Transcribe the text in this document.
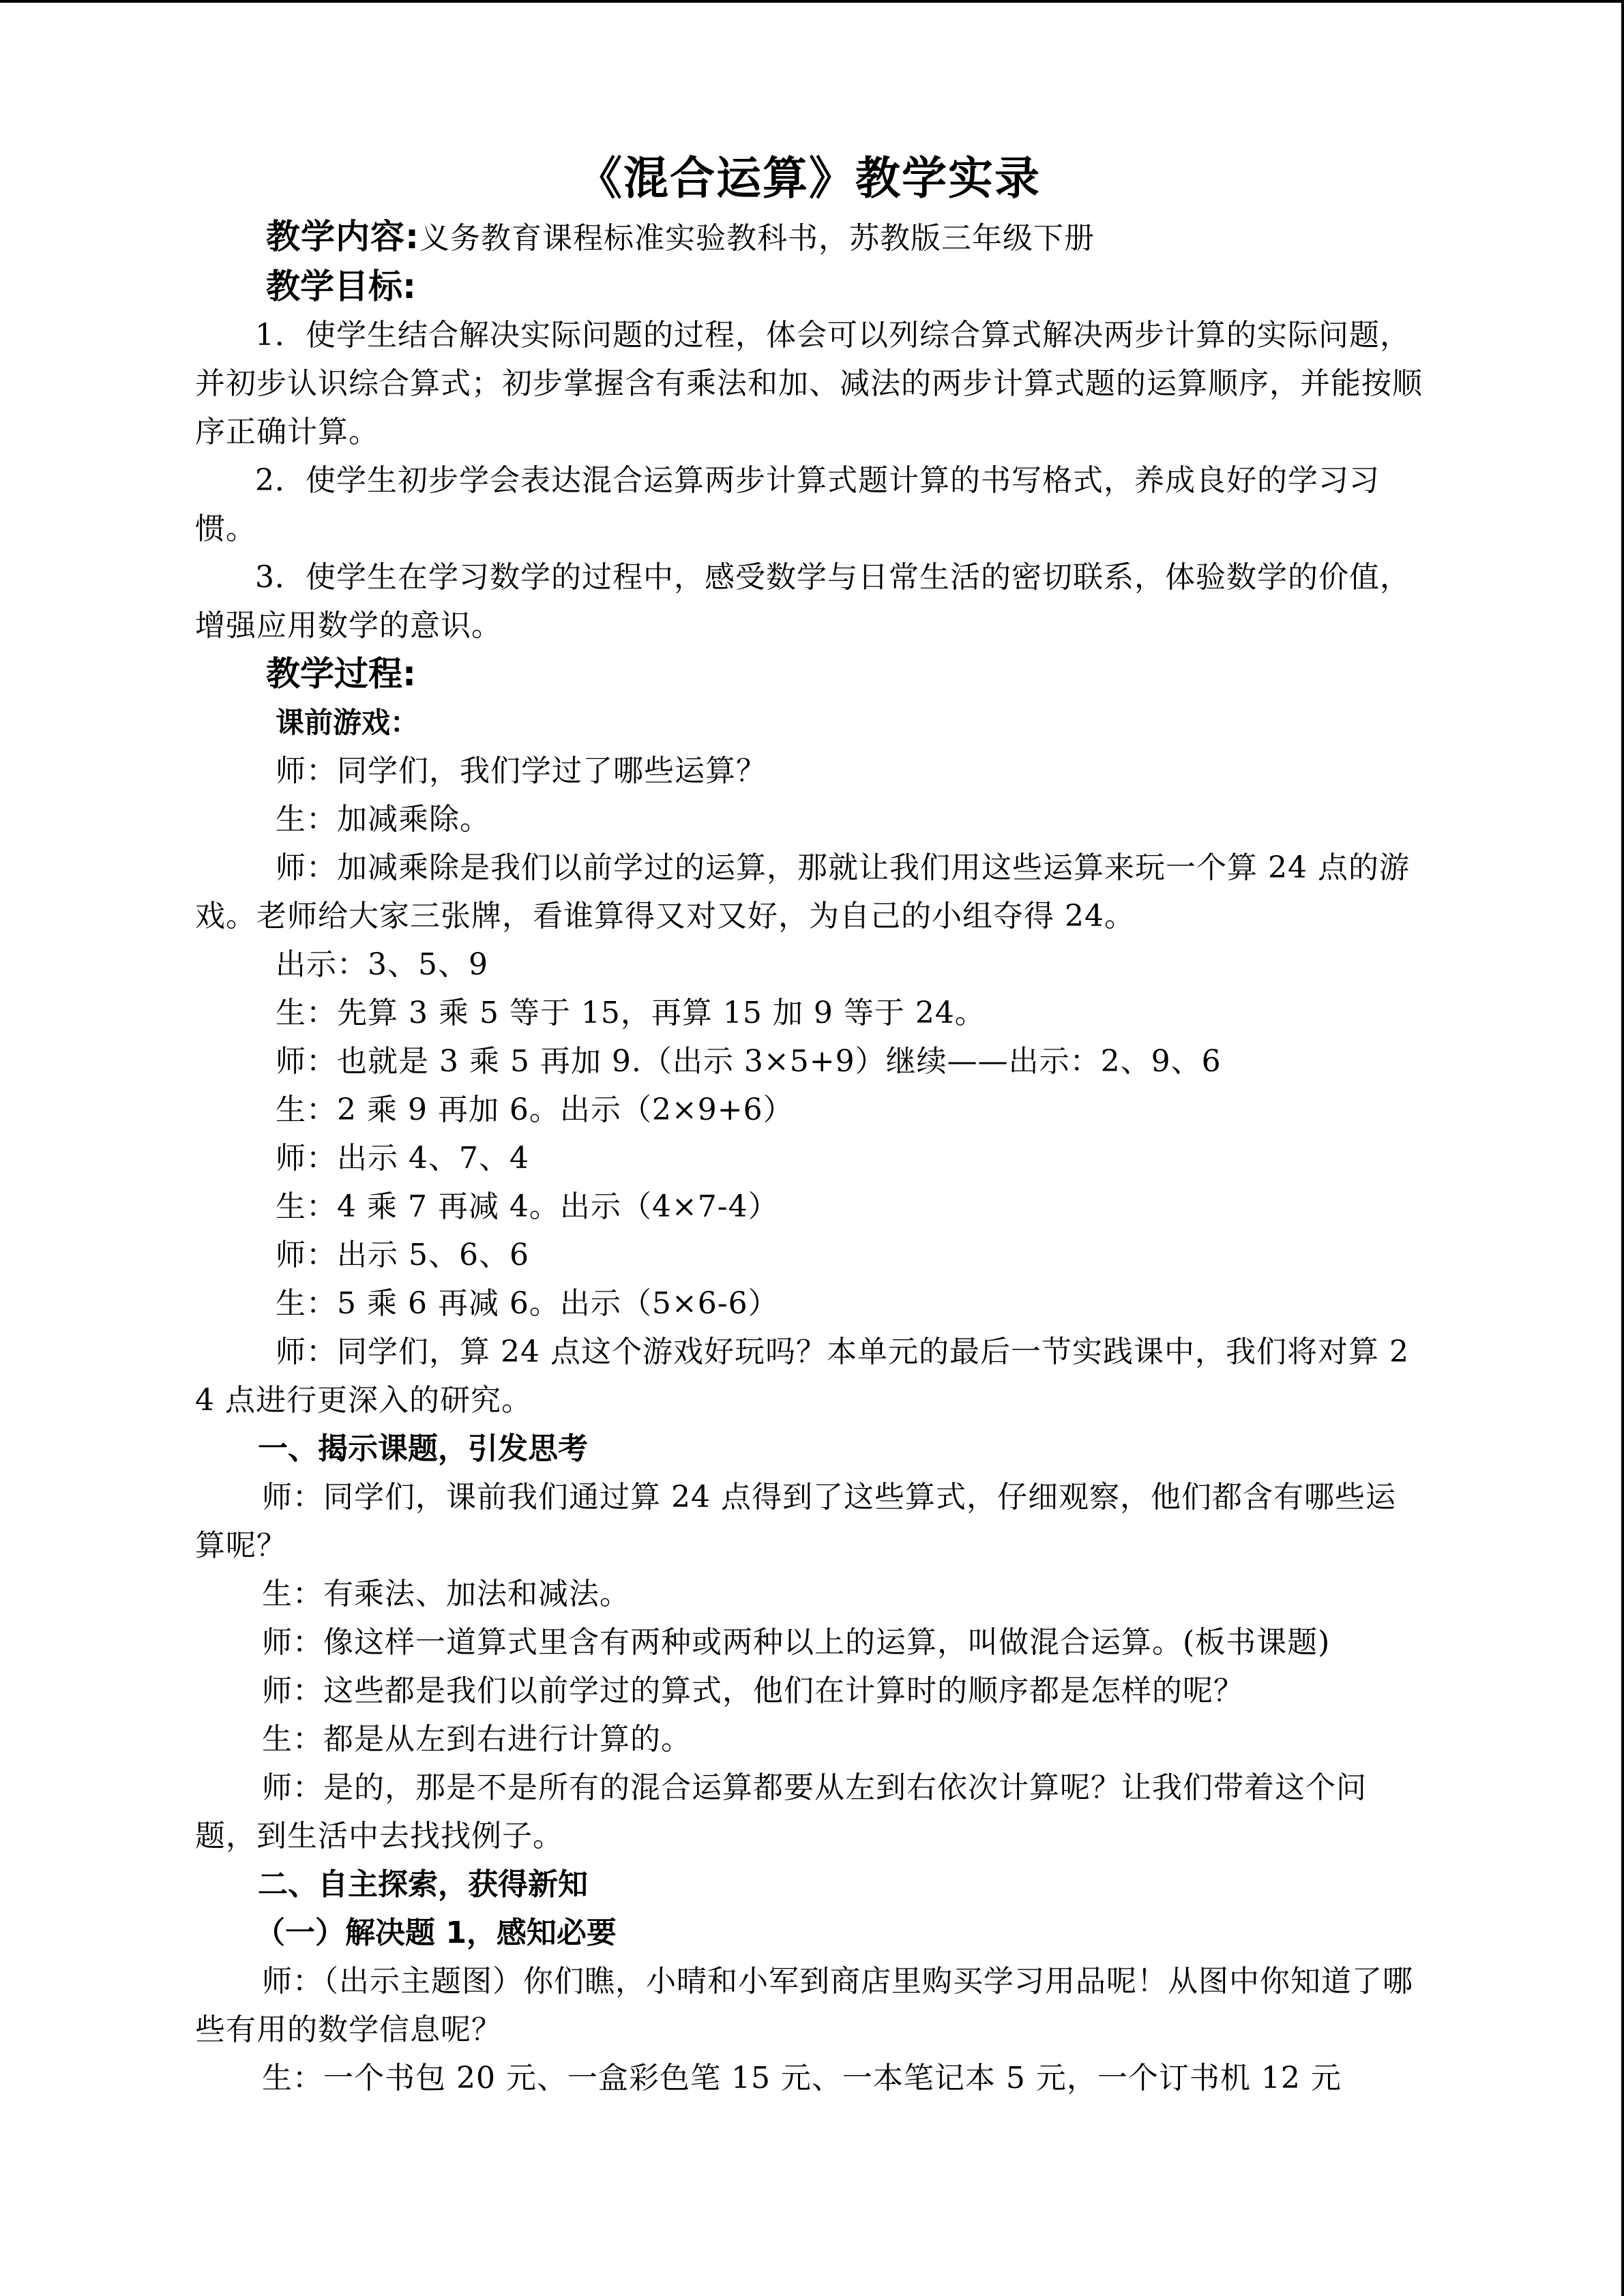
《混合运算》教学实录

教学内容:义务教育课程标准实验教科书，苏教版三年级下册

教学目标:

1．使学生结合解决实际问题的过程，体会可以列综合算式解决两步计算的实际问题，并初步认识综合算式；初步掌握含有乘法和加、减法的两步计算式题的运算顺序，并能按顺序正确计算。

2．使学生初步学会表达混合运算两步计算式题计算的书写格式，养成良好的学习习惯。

3．使学生在学习数学的过程中，感受数学与日常生活的密切联系，体验数学的价值，增强应用数学的意识。

教学过程:

课前游戏：

师：同学们，我们学过了哪些运算？

生：加减乘除。

师：加减乘除是我们以前学过的运算，那就让我们用这些运算来玩一个算 24 点的游戏。老师给大家三张牌，看谁算得又对又好，为自己的小组夺得 24。

出示：3、5、9

生：先算 3 乘 5 等于 15，再算 15 加 9 等于 24。

师：也就是 3 乘 5 再加 9.（出示 3×5+9）继续——出示：2、9、6

生：2 乘 9 再加 6。出示（2×9+6）

师：出示 4、7、4

生：4 乘 7 再减 4。出示（4×7-4）

师：出示 5、6、6

生：5 乘 6 再减 6。出示（5×6-6）

师：同学们，算 24 点这个游戏好玩吗？本单元的最后一节实践课中，我们将对算 24 点进行更深入的研究。

一、揭示课题，引发思考

师：同学们，课前我们通过算 24 点得到了这些算式，仔细观察，他们都含有哪些运算呢？

生：有乘法、加法和减法。

师：像这样一道算式里含有两种或两种以上的运算，叫做混合运算。(板书课题)

师：这些都是我们以前学过的算式，他们在计算时的顺序都是怎样的呢？

生：都是从左到右进行计算的。

师：是的，那是不是所有的混合运算都要从左到右依次计算呢？让我们带着这个问题，到生活中去找找例子。

二、自主探索，获得新知

（一）解决题 1，感知必要

师：（出示主题图）你们瞧，小晴和小军到商店里购买学习用品呢！从图中你知道了哪些有用的数学信息呢？

生：一个书包 20 元、一盒彩色笔 15 元、一本笔记本 5 元，一个订书机 12 元
